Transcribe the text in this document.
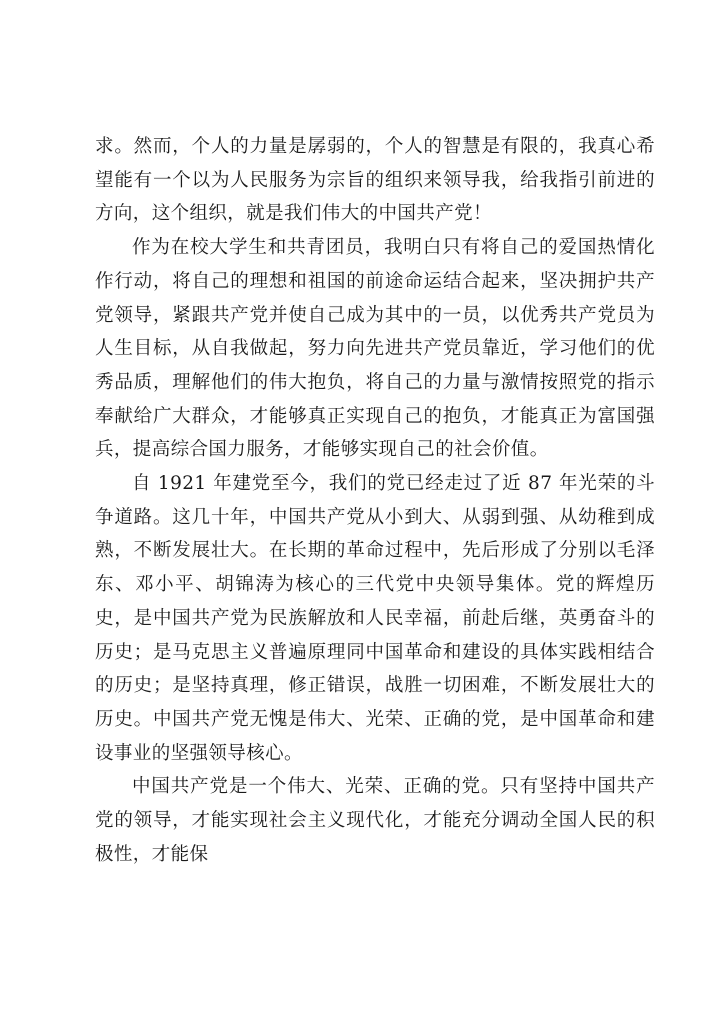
求。然而，个人的力量是孱弱的，个人的智慧是有限的，我真心希望能有一个以为人民服务为宗旨的组织来领导我，给我指引前进的方向，这个组织，就是我们伟大的中国共产党！

作为在校大学生和共青团员，我明白只有将自己的爱国热情化作行动，将自己的理想和祖国的前途命运结合起来，坚决拥护共产党领导，紧跟共产党并使自己成为其中的一员，以优秀共产党员为人生目标，从自我做起，努力向先进共产党员靠近，学习他们的优秀品质，理解他们的伟大抱负，将自己的力量与激情按照党的指示奉献给广大群众，才能够真正实现自己的抱负，才能真正为富国强兵，提高综合国力服务，才能够实现自己的社会价值。

自 1921 年建党至今，我们的党已经走过了近 87 年光荣的斗争道路。这几十年，中国共产党从小到大、从弱到强、从幼稚到成熟，不断发展壮大。在长期的革命过程中，先后形成了分别以毛泽东、邓小平、胡锦涛为核心的三代党中央领导集体。党的辉煌历史，是中国共产党为民族解放和人民幸福，前赴后继，英勇奋斗的历史；是马克思主义普遍原理同中国革命和建设的具体实践相结合的历史；是坚持真理，修正错误，战胜一切困难，不断发展壮大的历史。中国共产党无愧是伟大、光荣、正确的党，是中国革命和建设事业的坚强领导核心。

中国共产党是一个伟大、光荣、正确的党。只有坚持中国共产党的领导，才能实现社会主义现代化，才能充分调动全国人民的积极性，才能保
